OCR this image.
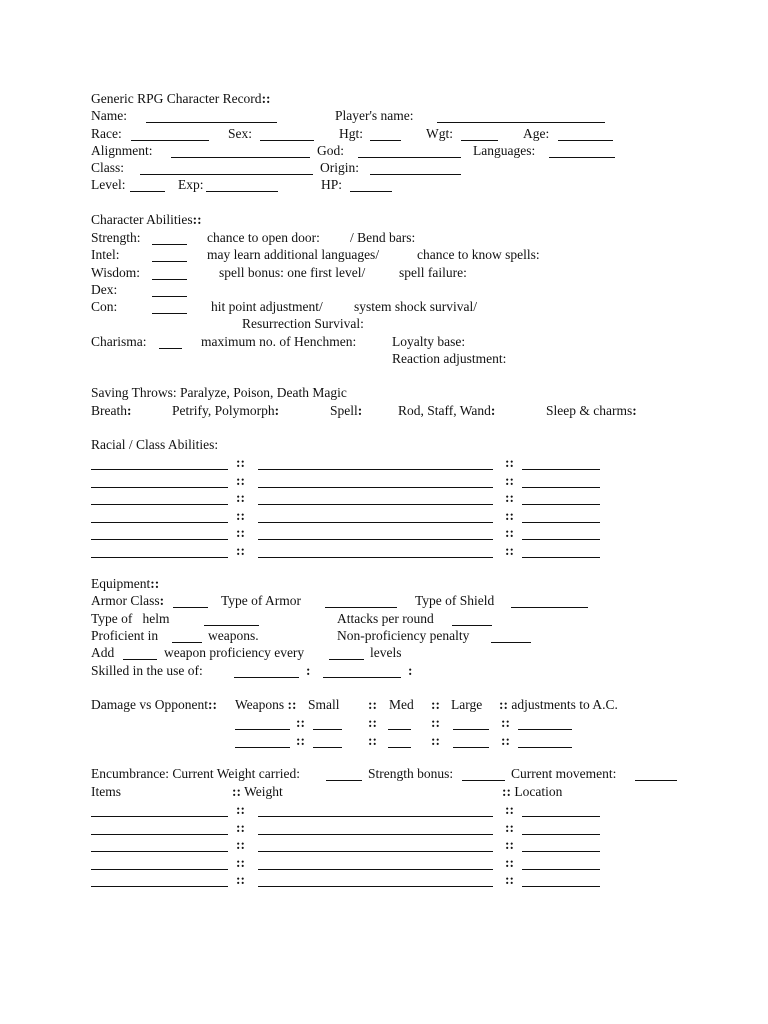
Generic RPG Character Record::
Name:	Player's name:
Race:	Sex:	Hgt:	Wgt:	Age:
Alignment:	God:	Languages:
Class:	Origin:
Level:	Exp:	HP:
Character Abilities::
Strength:	chance to open door: / Bend bars:
Intel:	may learn additional languages/	chance to know spells:
Wisdom:	spell bonus: one first level/	spell failure:
Dex:
Con:	hit point adjustment/ system shock survival/
Resurrection Survival:
Charisma:	maximum no. of Henchmen:	Loyalty base:
Reaction adjustment:
Saving Throws: Paralyze, Poison, Death Magic
Breath:	Petrify, Polymorph:	Spell:	Rod, Staff, Wand:	Sleep & charms:
Racial / Class Abilities:
::	::
::	::
::	::
::	::
::	::
::	::
Equipment::
Armor Class:	Type of Armor	Type of Shield
Type of helm	Attacks per round
Proficient in	weapons.	Non-proficiency penalty
Add	weapon proficiency every	levels
Skilled in the use of:	:	:
Damage vs Opponent:: Weapons :: Small :: Med :: Large :: adjustments to A.C.
::	::	::	::
::	::	::	::
Encumbrance: Current Weight carried:	Strength bonus:	Current movement:
Items	:: Weight	:: Location
::	::
::	::
::	::
::	::
::	::
